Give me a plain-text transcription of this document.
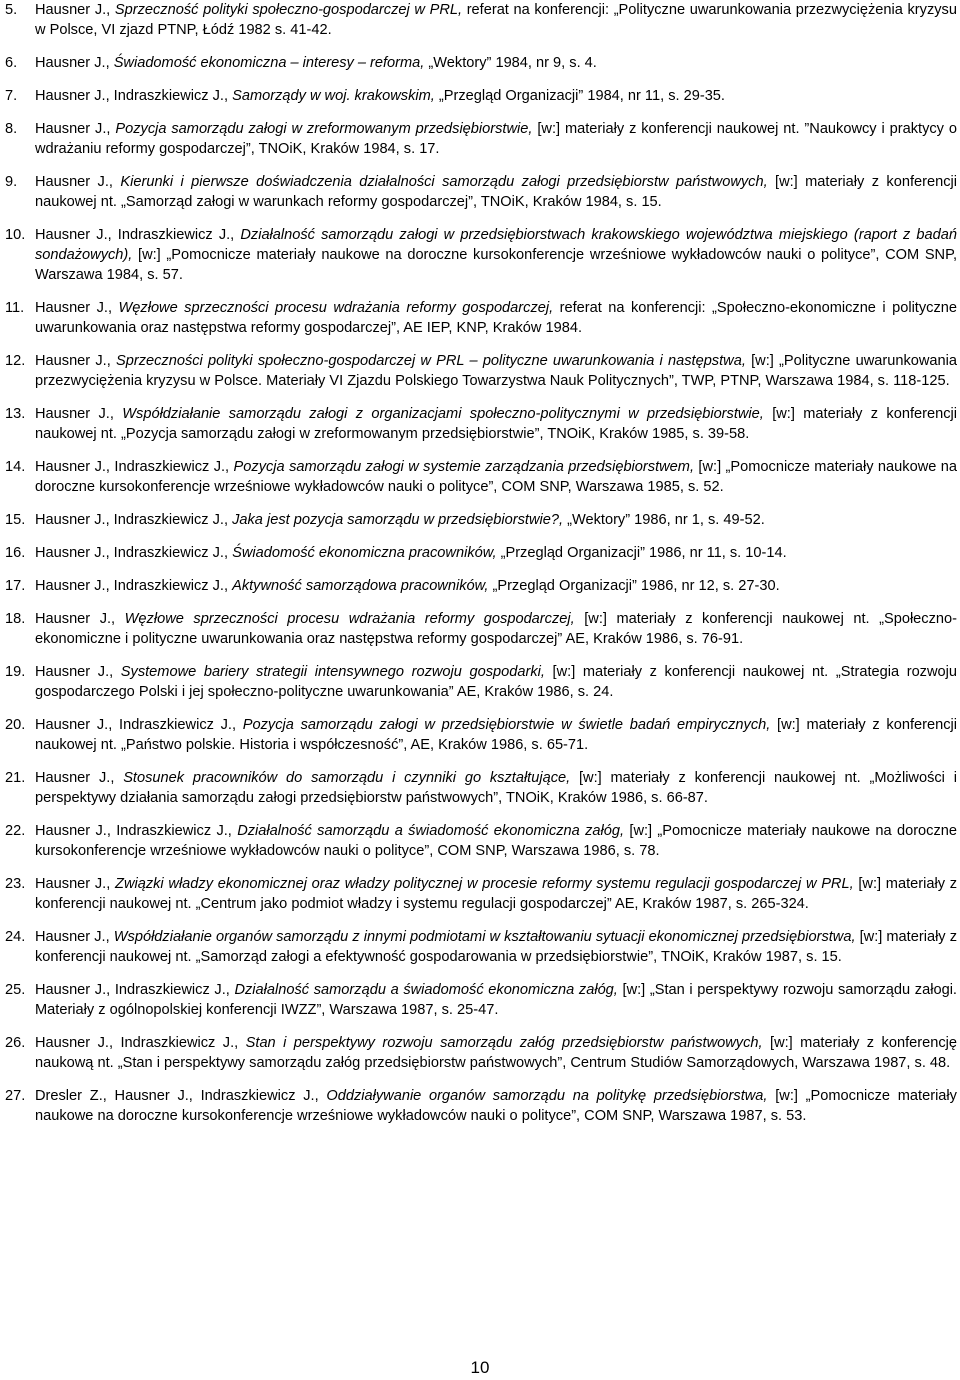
5.	Hausner J., Sprzeczność polityki społeczno-gospodarczej w PRL, referat na konferencji: „Polityczne uwarunkowania przezwyciężenia kryzysu w Polsce, VI zjazd PTNP, Łódź 1982 s. 41-42.
6.	Hausner J., Świadomość ekonomiczna – interesy – reforma, „Wektory” 1984, nr 9, s. 4.
7.	Hausner J., Indraszkiewicz J., Samorządy w woj. krakowskim, „Przegląd Organizacji” 1984, nr 11, s. 29-35.
8.	Hausner J., Pozycja samorządu załogi w zreformowanym przedsiębiorstwie, [w:] materiały z konferencji naukowej nt. ”Naukowcy i praktycy o wdrażaniu reformy gospodarczej”, TNOiK, Kraków 1984, s. 17.
9.	Hausner J., Kierunki i pierwsze doświadczenia działalności samorządu załogi przedsiębiorstw państwowych, [w:] materiały z konferencji naukowej nt. „Samorząd załogi w warunkach reformy gospodarczej”, TNOiK, Kraków 1984, s. 15.
10. Hausner J., Indraszkiewicz J., Działalność samorządu załogi w przedsiębiorstwach krakowskiego województwa miejskiego (raport z badań sondażowych), [w:] „Pomocnicze materiały naukowe na doroczne kursokonferencje wrześniowe wykładowców nauki o polityce”, COM SNP, Warszawa 1984, s. 57.
11. Hausner J., Węzłowe sprzeczności procesu wdrażania reformy gospodarczej, referat na konferencji: „Społeczno-ekonomiczne i polityczne uwarunkowania oraz następstwa reformy gospodarczej”, AE IEP, KNP, Kraków 1984.
12. Hausner J., Sprzeczności polityki społeczno-gospodarczej w PRL – polityczne uwarunkowania i następstwa, [w:] „Polityczne uwarunkowania przezwyciężenia kryzysu w Polsce. Materiały VI Zjazdu Polskiego Towarzystwa Nauk Politycznych”, TWP, PTNP, Warszawa 1984, s. 118-125.
13. Hausner J., Współdziałanie samorządu załogi z organizacjami społeczno-politycznymi w przedsiębiorstwie, [w:] materiały z konferencji naukowej nt. „Pozycja samorządu załogi w zreformowanym przedsiębiorstwie”, TNOiK, Kraków 1985, s. 39-58.
14. Hausner J., Indraszkiewicz J., Pozycja samorządu załogi w systemie zarządzania przedsiębiorstwem, [w:] „Pomocnicze materiały naukowe na doroczne kursokonferencje wrześniowe wykładowców nauki o polityce”, COM SNP, Warszawa 1985, s. 52.
15. Hausner J., Indraszkiewicz J., Jaka jest pozycja samorządu w przedsiębiorstwie?, „Wektory” 1986, nr 1, s. 49-52.
16. Hausner J., Indraszkiewicz J., Świadomość ekonomiczna pracowników, „Przegląd Organizacji” 1986, nr 11, s. 10-14.
17. Hausner J., Indraszkiewicz J., Aktywność samorządowa pracowników, „Przegląd Organizacji” 1986, nr 12, s. 27-30.
18. Hausner J., Węzłowe sprzeczności procesu wdrażania reformy gospodarczej, [w:] materiały z konferencji naukowej nt. „Społeczno-ekonomiczne i polityczne uwarunkowania oraz następstwa reformy gospodarczej” AE, Kraków 1986, s. 76-91.
19. Hausner J., Systemowe bariery strategii intensywnego rozwoju gospodarki, [w:] materiały z konferencji naukowej nt. „Strategia rozwoju gospodarczego Polski i jej społeczno-polityczne uwarunkowania” AE, Kraków 1986, s. 24.
20. Hausner J., Indraszkiewicz J., Pozycja samorządu załogi w przedsiębiorstwie w świetle badań empirycznych, [w:] materiały z konferencji naukowej nt. „Państwo polskie. Historia i współczesność”, AE, Kraków 1986, s. 65-71.
21. Hausner J., Stosunek pracowników do samorządu i czynniki go kształtujące, [w:] materiały z konferencji naukowej nt. „Możliwości i perspektywy działania samorządu załogi przedsiębiorstw państwowych”, TNOiK, Kraków 1986, s. 66-87.
22. Hausner J., Indraszkiewicz J., Działalność samorządu a świadomość ekonomiczna załóg, [w:] „Pomocnicze materiały naukowe na doroczne kursokonferencje wrześniowe wykładowców nauki o polityce”, COM SNP, Warszawa 1986, s. 78.
23. Hausner J., Związki władzy ekonomicznej oraz władzy politycznej w procesie reformy systemu regulacji gospodarczej w PRL, [w:] materiały z konferencji naukowej nt. „Centrum jako podmiot władzy i systemu regulacji gospodarczej” AE, Kraków 1987, s. 265-324.
24. Hausner J., Współdziałanie organów samorządu z innymi podmiotami w kształtowaniu sytuacji ekonomicznej przedsiębiorstwa, [w:] materiały z konferencji naukowej nt. „Samorząd załogi a efektywność gospodarowania w przedsiębiorstwie”, TNOiK, Kraków 1987, s. 15.
25. Hausner J., Indraszkiewicz J., Działalność samorządu a świadomość ekonomiczna załóg, [w:] „Stan i perspektywy rozwoju samorządu załogi. Materiały z ogólnopolskiej konferencji IWZZ”, Warszawa 1987, s. 25-47.
26. Hausner J., Indraszkiewicz J., Stan i perspektywy rozwoju samorządu załóg przedsiębiorstw państwowych, [w:] materiały z konferencję naukową nt. „Stan i perspektywy samorządu załóg przedsiębiorstw państwowych”, Centrum Studiów Samorządowych, Warszawa 1987, s. 48.
27. Dresler Z., Hausner J., Indraszkiewicz J., Oddziaływanie organów samorządu na politykę przedsiębiorstwa, [w:] „Pomocnicze materiały naukowe na doroczne kursokonferencje wrześniowe wykładowców nauki o polityce”, COM SNP, Warszawa 1987, s. 53.
10
